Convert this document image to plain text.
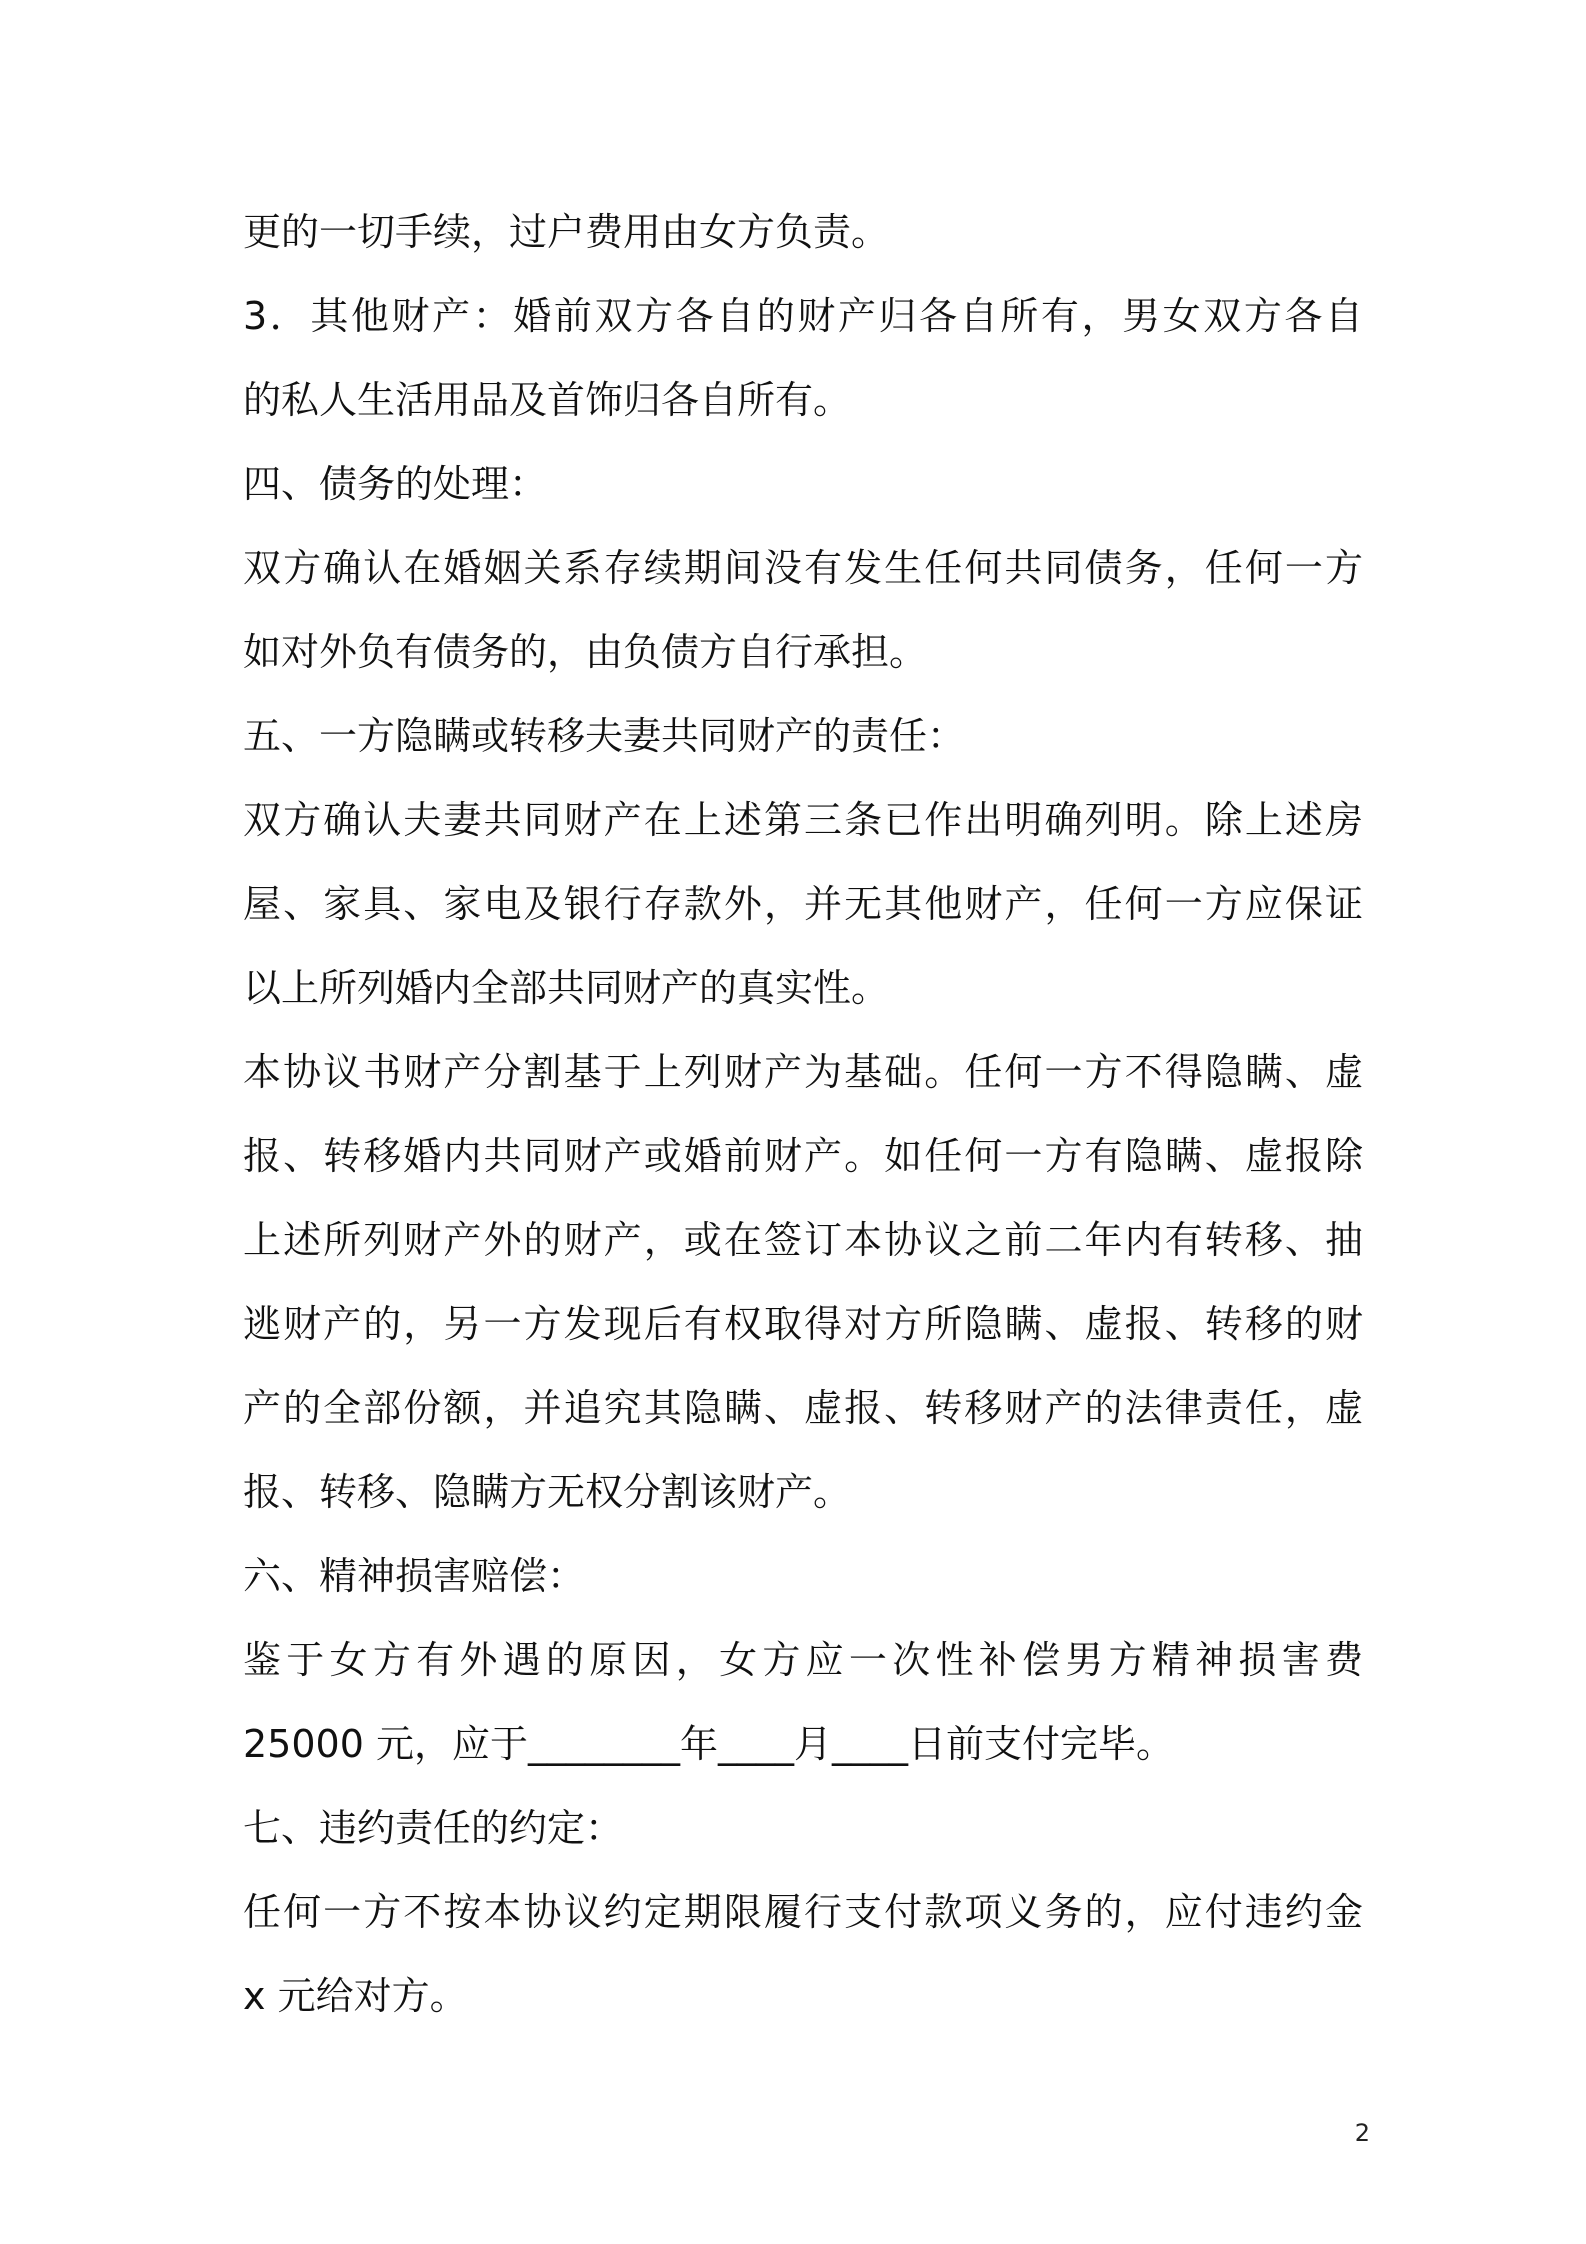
更的一切手续，过户费用由女方负责。
3．其他财产：婚前双方各自的财产归各自所有，男女双方各自
的私人生活用品及首饰归各自所有。
四、债务的处理：
双方确认在婚姻关系存续期间没有发生任何共同债务，任何一方
如对外负有债务的，由负债方自行承担。
五、一方隐瞒或转移夫妻共同财产的责任：
双方确认夫妻共同财产在上述第三条已作出明确列明。除上述房
屋、家具、家电及银行存款外，并无其他财产，任何一方应保证
以上所列婚内全部共同财产的真实性。
本协议书财产分割基于上列财产为基础。任何一方不得隐瞒、虚
报、转移婚内共同财产或婚前财产。如任何一方有隐瞒、虚报除
上述所列财产外的财产，或在签订本协议之前二年内有转移、抽
逃财产的，另一方发现后有权取得对方所隐瞒、虚报、转移的财
产的全部份额，并追究其隐瞒、虚报、转移财产的法律责任，虚
报、转移、隐瞒方无权分割该财产。
六、精神损害赔偿：
鉴于女方有外遇的原因，女方应一次性补偿男方精神损害费
25000 元，应于________年____月____日前支付完毕。
七、违约责任的约定：
任何一方不按本协议约定期限履行支付款项义务的，应付违约金
x 元给对方。
2
